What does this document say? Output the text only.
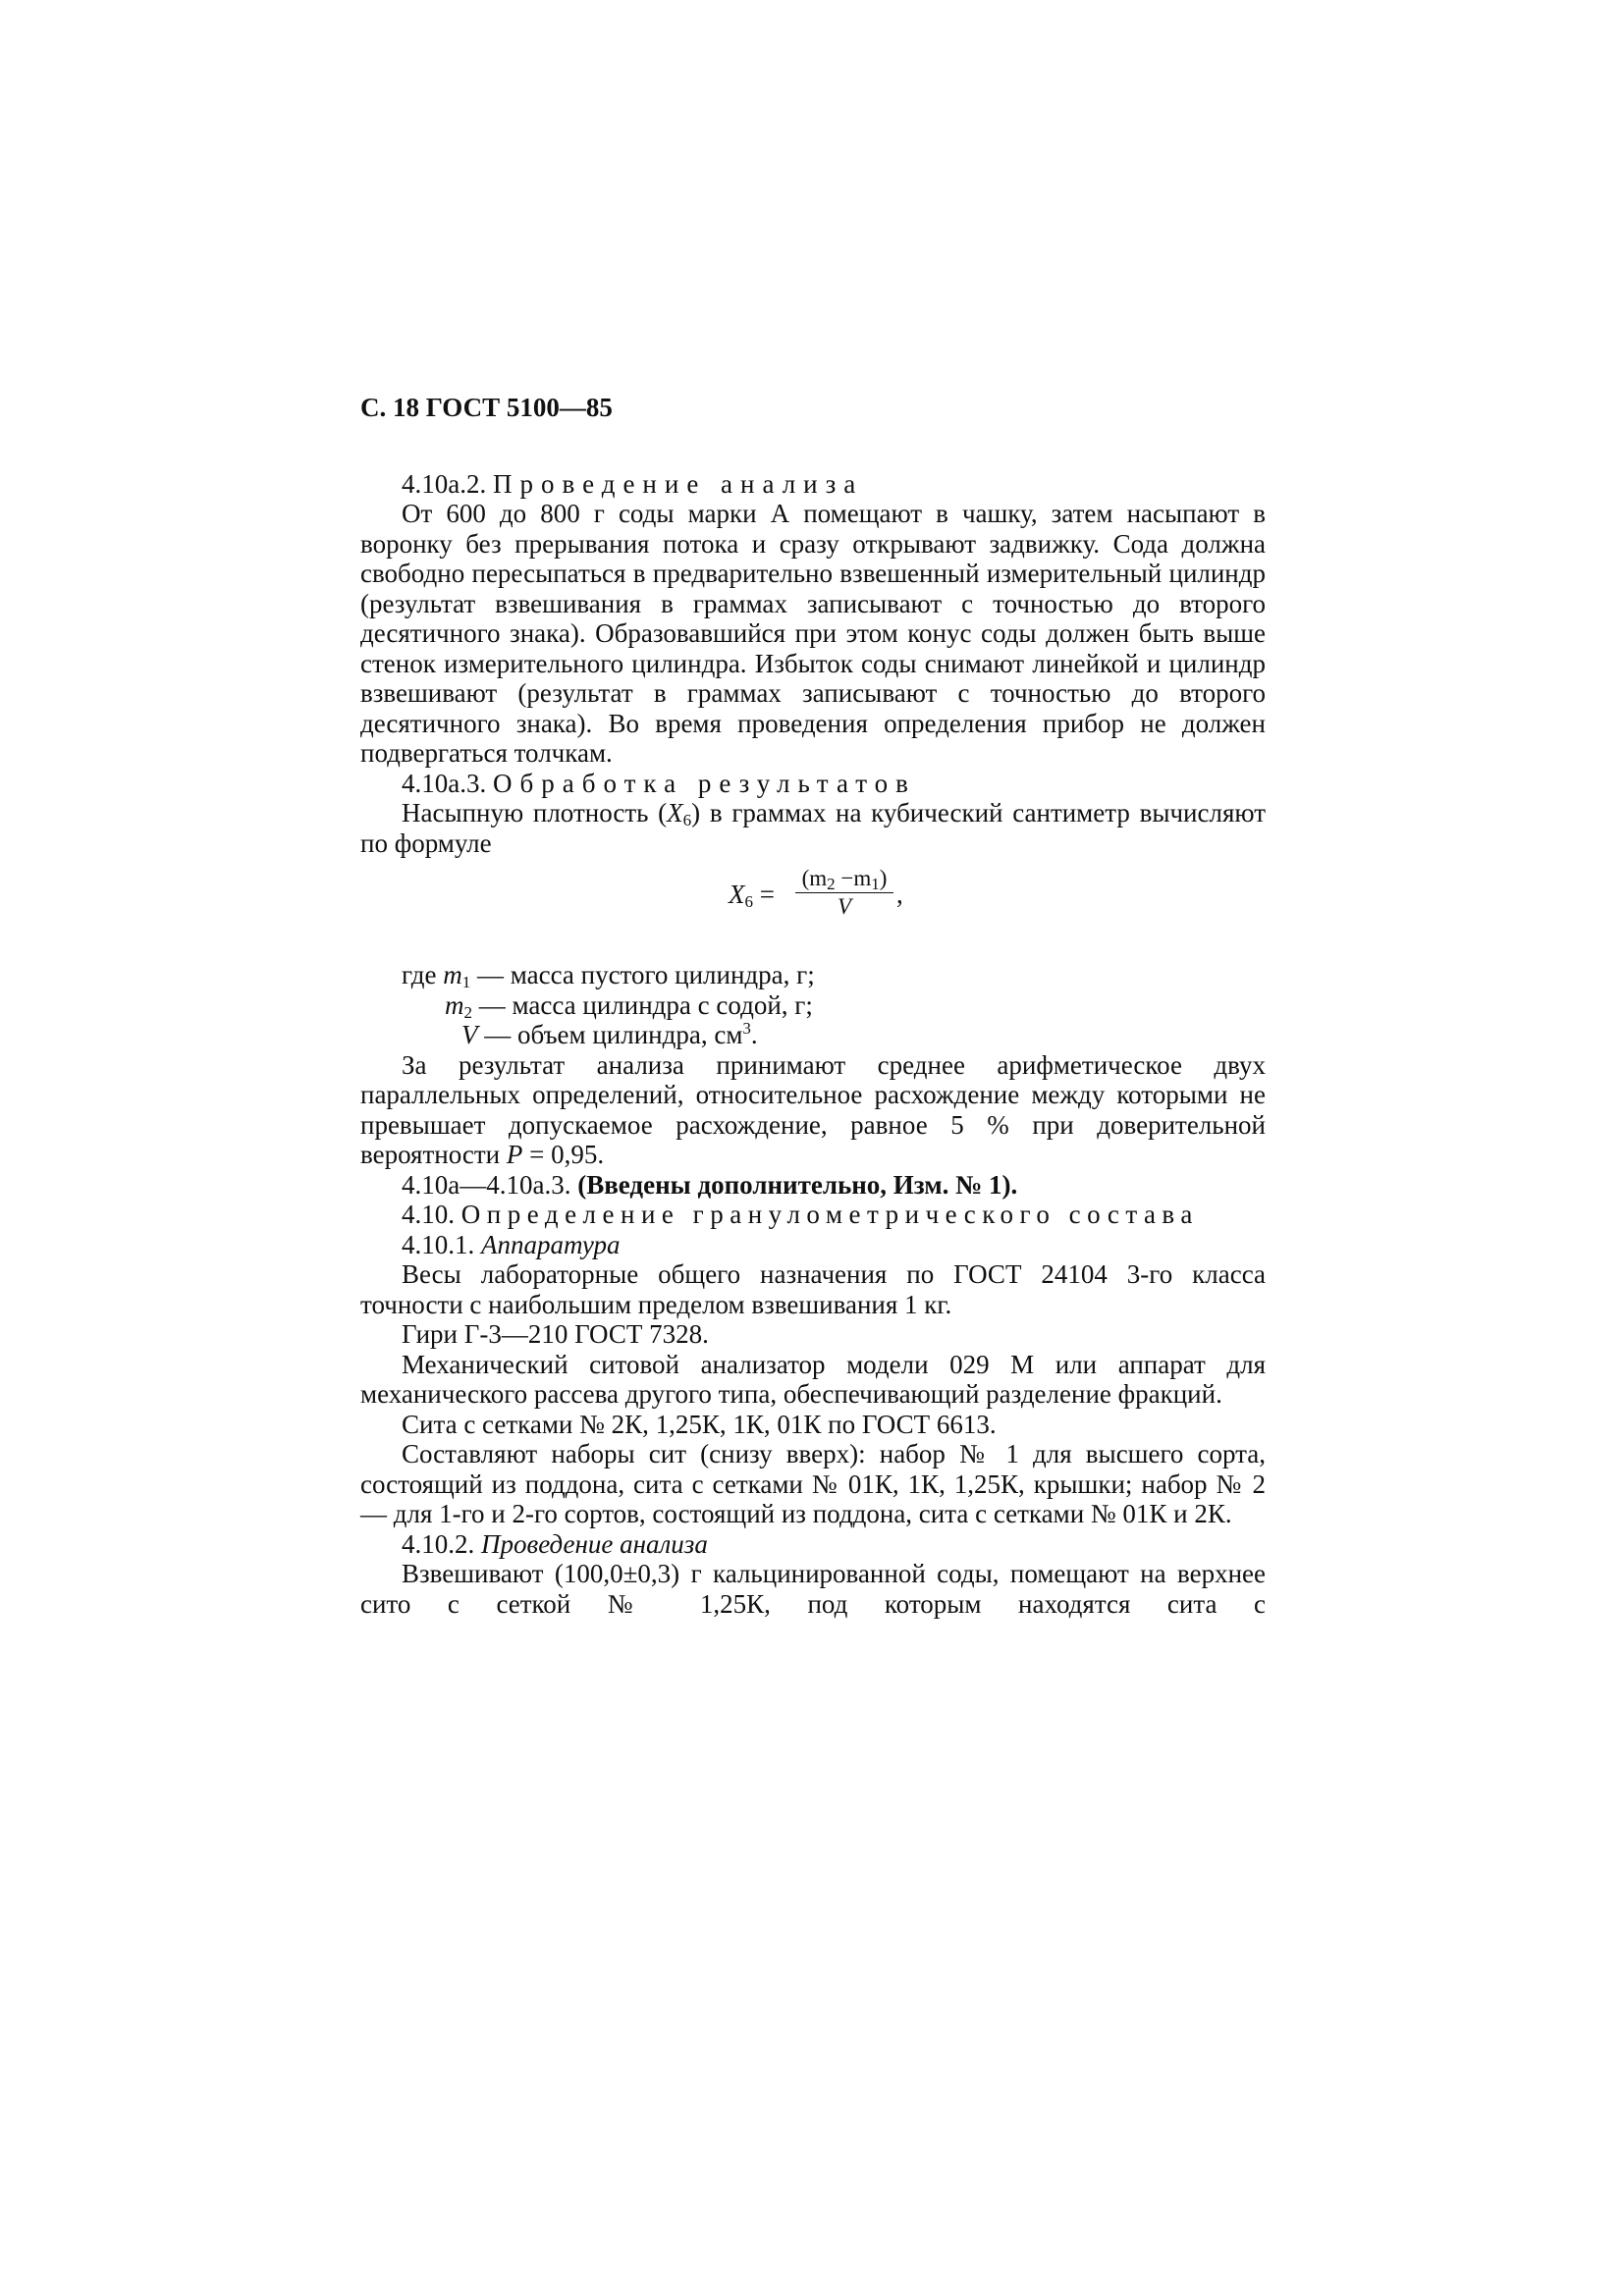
С. 18 ГОСТ 5100—85

4.10а.2. Проведение анализа

От 600 до 800 г соды марки А помещают в чашку, затем насыпают в воронку без прерывания потока и сразу открывают задвижку. Сода должна свободно пересыпаться в предварительно взвешенный измерительный цилиндр (результат взвешивания в граммах записывают с точностью до второго десятичного знака). Образовавшийся при этом конус соды должен быть выше стенок измерительного цилиндра. Избыток соды снимают линейкой и цилиндр взвешивают (результат в граммах записывают с точностью до второго десятичного знака). Во время проведения определения прибор не должен подвергаться толчкам.

4.10а.3. Обработка результатов

Насыпную плотность $(X_6)$ в граммах на кубический сантиметр вычисляют по формуле

$X_6$ =
$(m_2 -m_1)$
V	,

где $m_1$ — масса пустого цилиндра, г;

$m_2$ — масса цилиндра с содой, г;

V — объем цилиндра, $см^3$.

За результат анализа принимают среднее арифметическое двух параллельных определений, относительное расхождение между которыми не превышает допускаемое расхождение, равное 5 % при доверительной вероятности P = 0,95.

4.10а—4.10а.3. (Введены дополнительно, Изм. № 1).

4.10. Определение гранулометрического состава

4.10.1. Аппаратура

Весы лабораторные общего назначения по ГОСТ 24104 3-го класса точности с наибольшим пределом взвешивания 1 кг.

Гири Г-3—210 ГОСТ 7328.

Механический ситовой анализатор модели 029 М или аппарат для механического рассева другого типа, обеспечивающий разделение фракций.

Сита с сетками № 2К, 1,25К, 1К, 01К по ГОСТ 6613.

Составляют наборы сит (снизу вверх): набор № 1 для высшего сорта, состоящий из поддона, сита с сетками № 01К, 1К, 1,25К, крышки; набор № 2 — для 1-го и 2-го сортов, состоящий из поддона, сита с сетками № 01К и 2К.

4.10.2. Проведение анализа

Взвешивают (100,0±0,3) г кальцинированной соды, помещают на верхнее сито с сеткой № 1,25К, под которым находятся сита с
